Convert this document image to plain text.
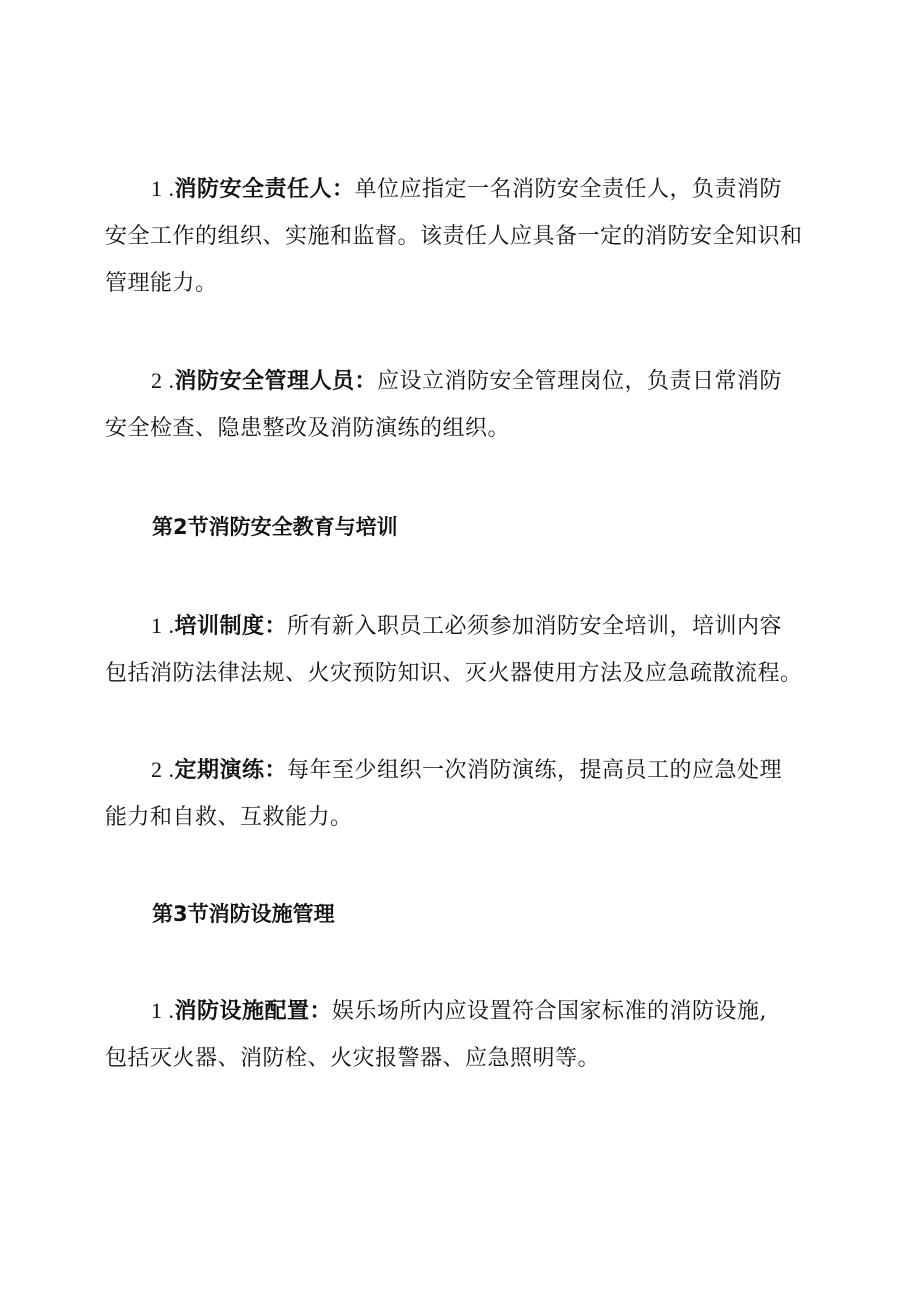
1 .消防安全责任人：单位应指定一名消防安全责任人，负责消防
安全工作的组织、实施和监督。该责任人应具备一定的消防安全知识和管理能力。

2 .消防安全管理人员：应设立消防安全管理岗位，负责日常消防
安全检查、隐患整改及消防演练的组织。

第2节消防安全教育与培训

1 .培训制度：所有新入职员工必须参加消防安全培训，培训内容
包括消防法律法规、火灾预防知识、灭火器使用方法及应急疏散流程。

2 .定期演练：每年至少组织一次消防演练，提高员工的应急处理
能力和自救、互救能力。

第3节消防设施管理

1 .消防设施配置：娱乐场所内应设置符合国家标准的消防设施,
包括灭火器、消防栓、火灾报警器、应急照明等。
